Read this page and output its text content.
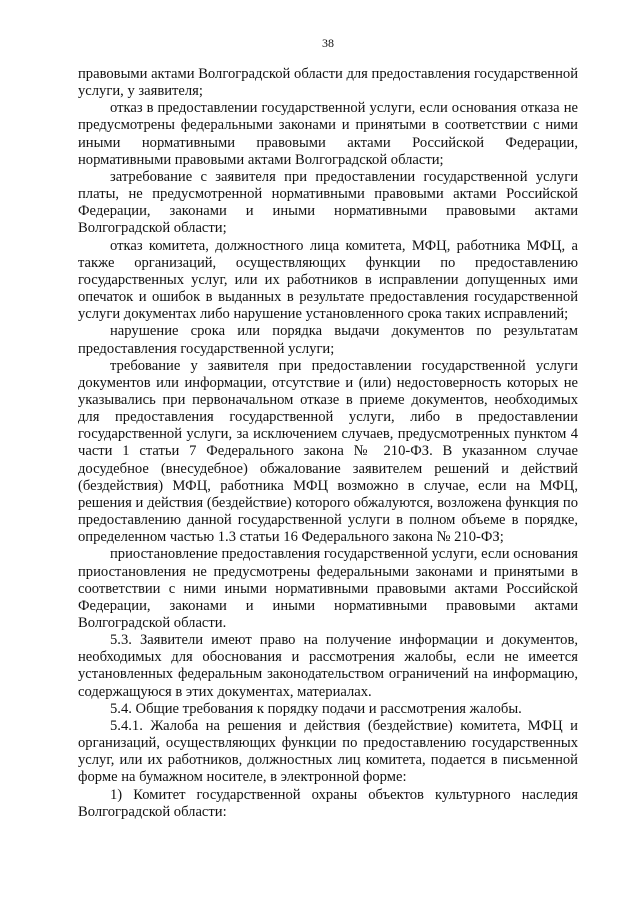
38

правовыми актами Волгоградской области для предоставления государственной услуги, у заявителя;

отказ в предоставлении государственной услуги, если основания отказа не предусмотрены федеральными законами и принятыми в соответствии с ними иными нормативными правовыми актами Российской Федерации, нормативными правовыми актами Волгоградской области;

затребование с заявителя при предоставлении государственной услуги платы, не предусмотренной нормативными правовыми актами Российской Федерации, законами и иными нормативными правовыми актами Волгоградской области;

отказ комитета, должностного лица комитета, МФЦ, работника МФЦ, а также организаций, осуществляющих функции по предоставлению государственных услуг, или их работников в исправлении допущенных ими опечаток и ошибок в выданных в результате предоставления государственной услуги документах либо нарушение установленного срока таких исправлений;

нарушение срока или порядка выдачи документов по результатам предоставления государственной услуги;

требование у заявителя при предоставлении государственной услуги документов или информации, отсутствие и (или) недостоверность которых не указывались при первоначальном отказе в приеме документов, необходимых для предоставления государственной услуги, либо в предоставлении государственной услуги, за исключением случаев, предусмотренных пунктом 4 части 1 статьи 7 Федерального закона № 210-ФЗ. В указанном случае досудебное (внесудебное) обжалование заявителем решений и действий (бездействия) МФЦ, работника МФЦ возможно в случае, если на МФЦ, решения и действия (бездействие) которого обжалуются, возложена функция по предоставлению данной государственной услуги в полном объеме в порядке, определенном частью 1.3 статьи 16 Федерального закона № 210-ФЗ;

приостановление предоставления государственной услуги, если основания приостановления не предусмотрены федеральными законами и принятыми в соответствии с ними иными нормативными правовыми актами Российской Федерации, законами и иными нормативными правовыми актами Волгоградской области.

5.3. Заявители имеют право на получение информации и документов, необходимых для обоснования и рассмотрения жалобы, если не имеется установленных федеральным законодательством ограничений на информацию, содержащуюся в этих документах, материалах.

5.4. Общие требования к порядку подачи и рассмотрения жалобы.

5.4.1. Жалоба на решения и действия (бездействие) комитета, МФЦ и организаций, осуществляющих функции по предоставлению государственных услуг, или их работников, должностных лиц комитета, подается в письменной форме на бумажном носителе, в электронной форме:

1) Комитет государственной охраны объектов культурного наследия Волгоградской области:
